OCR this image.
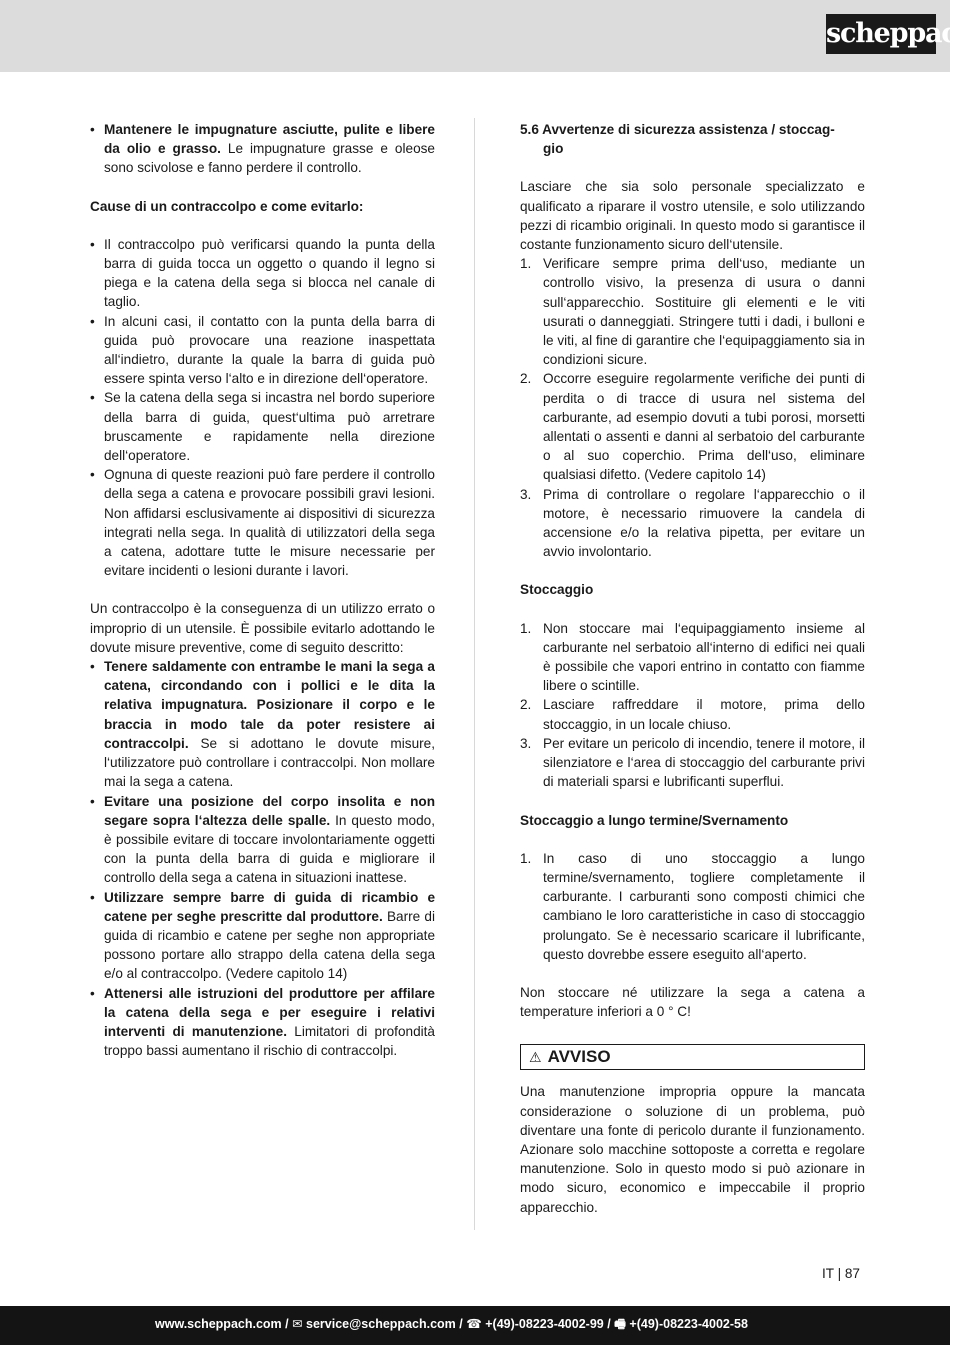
scheppach
• Mantenere le impugnature asciutte, pulite e libere da olio e grasso. Le impugnature grasse e oleose sono scivolose e fanno perdere il controllo.

Cause di un contraccolpo e come evitarlo:

• Il contraccolpo può verificarsi quando la punta della barra di guida tocca un oggetto o quando il legno si piega e la catena della sega si blocca nel canale di taglio.
• In alcuni casi, il contatto con la punta della barra di guida può provocare una reazione inaspettata all‘indietro, durante la quale la barra di guida può essere spinta verso l‘alto e in direzione dell‘operatore.
• Se la catena della sega si incastra nel bordo superiore della barra di guida, quest‘ultima può arretrare bruscamente e rapidamente nella direzione dell‘operatore.
• Ognuna di queste reazioni può fare perdere il controllo della sega a catena e provocare possibili gravi lesioni. Non affidarsi esclusivamente ai dispositivi di sicurezza integrati nella sega. In qualità di utilizzatori della sega a catena, adottare tutte le misure necessarie per evitare incidenti o lesioni durante i lavori.

Un contraccolpo è la conseguenza di un utilizzo errato o improprio di un utensile. È possibile evitarlo adottando le dovute misure preventive, come di seguito descritto:

• Tenere saldamente con entrambe le mani la sega a catena, circondando con i pollici e le dita la relativa impugnatura. Posizionare il corpo e le braccia in modo tale da poter resistere ai contraccolpi. Se si adottano le dovute misure, l‘utilizzatore può controllare i contraccolpi. Non mollare mai la sega a catena.
• Evitare una posizione del corpo insolita e non segare sopra l‘altezza delle spalle. In questo modo, è possibile evitare di toccare involontariamente oggetti con la punta della barra di guida e migliorare il controllo della sega a catena in situazioni inattese.
• Utilizzare sempre barre di guida di ricambio e catene per seghe prescritte dal produttore. Barre di guida di ricambio e catene per seghe non appropriate possono portare allo strappo della catena della sega e/o al contraccolpo. (Vedere capitolo 14)
• Attenersi alle istruzioni del produttore per affilare la catena della sega e per eseguire i relativi interventi di manutenzione. Limitatori di profondità troppo bassi aumentano il rischio di contraccolpi.

5.6 Avvertenze di sicurezza assistenza / stoccag-
gio

Lasciare che sia solo personale specializzato e qualificato a riparare il vostro utensile, e solo utilizzando pezzi di ricambio originali. In questo modo si garantisce il costante funzionamento sicuro dell‘utensile.

1. Verificare sempre prima dell‘uso, mediante un controllo visivo, la presenza di usura o danni sull‘apparecchio. Sostituire gli elementi e le viti usurati o danneggiati. Stringere tutti i dadi, i bulloni e le viti, al fine di garantire che l‘equipaggiamento sia in condizioni sicure.
2. Occorre eseguire regolarmente verifiche dei punti di perdita o di tracce di usura nel sistema del carburante, ad esempio dovuti a tubi porosi, morsetti allentati o assenti e danni al serbatoio del carburante o al suo coperchio. Prima dell‘uso, eliminare qualsiasi difetto. (Vedere capitolo 14)
3. Prima di controllare o regolare l‘apparecchio o il motore, è necessario rimuovere la candela di accensione e/o la relativa pipetta, per evitare un avvio involontario.

Stoccaggio

1. Non stoccare mai l‘equipaggiamento insieme al carburante nel serbatoio all‘interno di edifici nei quali è possibile che vapori entrino in contatto con fiamme libere o scintille.
2. Lasciare raffreddare il motore, prima dello stoccaggio, in un locale chiuso.
3. Per evitare un pericolo di incendio, tenere il motore, il silenziatore e l‘area di stoccaggio del carburante privi di materiali sparsi e lubrificanti superflui.

Stoccaggio a lungo termine/Svernamento

1. In caso di uno stoccaggio a lungo termine/svernamento, togliere completamente il carburante. I carburanti sono composti chimici che cambiano le loro caratteristiche in caso di stoccaggio prolungato. Se è necessario scaricare il lubrificante, questo dovrebbe essere eseguito all‘aperto.

Non stoccare né utilizzare la sega a catena a temperature inferiori a 0 ° C!

⚠ AVVISO

Una manutenzione impropria oppure la mancata considerazione o soluzione di un problema, può diventare una fonte di pericolo durante il funzionamento. Azionare solo macchine sottoposte a corretta e regolare manutenzione. Solo in questo modo si può azionare in modo sicuro, economico e impeccabile il proprio apparecchio.

IT | 87
www.scheppach.com / ✉ service@scheppach.com / ☎ +(49)-08223-4002-99 / 🖷 +(49)-08223-4002-58
